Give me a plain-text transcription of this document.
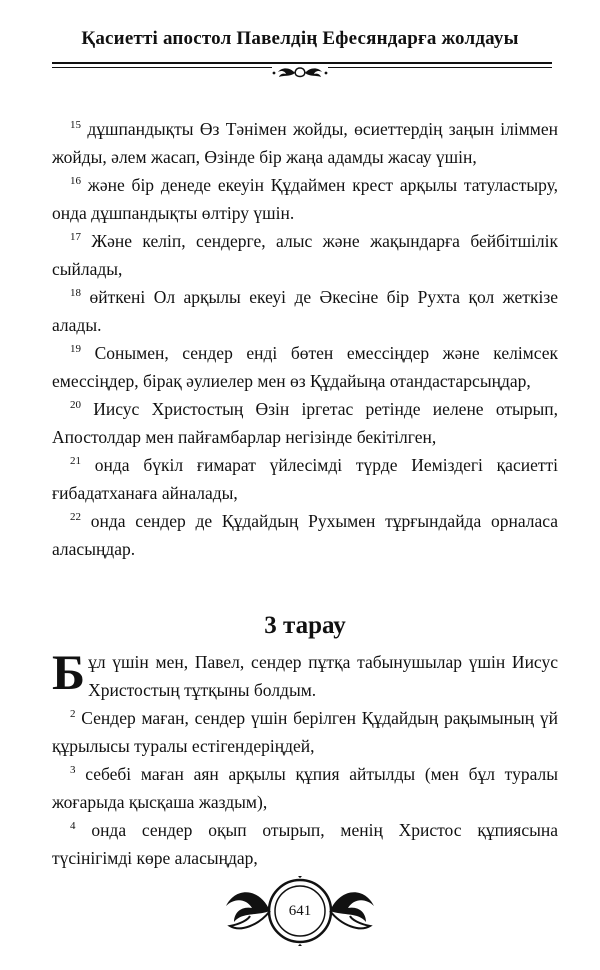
Қасиетті апостол Павелдің Ефесяндарға жолдауы

$^{15}$ дұшпандықты Өз Тәнімен жойды, өсиеттердің заңын іліммен жойды, әлем жасап, Өзінде бір жаңа адамды жасау үшін,

$^{16}$ және бір денеде екеуін Құдаймен крест арқылы татуластыру, онда дұшпандықты өлтіру үшін.

$^{17}$ Және келіп, сендерге, алыс және жақындарға бейбітшілік сыйлады,

$^{18}$ өйткені Ол арқылы екеуі де Әкесіне бір Рухта қол жеткізе алады.

$^{19}$ Сонымен, сендер енді бөтен емессіңдер және келімсек емессіңдер, бірақ әулиелер мен өз Құдайыңа отандастарсыңдар,

$^{20}$ Иисус Христостың Өзін іргетас ретінде иелене отырып, Апостолдар мен пайғамбарлар негізінде бекітілген,

$^{21}$ онда бүкіл ғимарат үйлесімді түрде Иеміздегі қасиетті ғибадатханаға айналады,

$^{22}$ онда сендер де Құдайдың Рухымен тұрғындайда орналаса аласыңдар.

3 тарау

Бұл үшін мен, Павел, сендер пұтқа табынушылар үшін Иисус Христостың тұтқыны болдым.

$^2$ Сендер маған, сендер үшін берілген Құдайдың рақымының үй құрылысы туралы естігендеріңдей,

$^3$ себебі маған аян арқылы құпия айтылды (мен бұл туралы жоғарыда қысқаша жаздым),

$^4$ онда сендер оқып отырып, менің Христос құпиясына түсінігімді көре аласыңдар,

641
